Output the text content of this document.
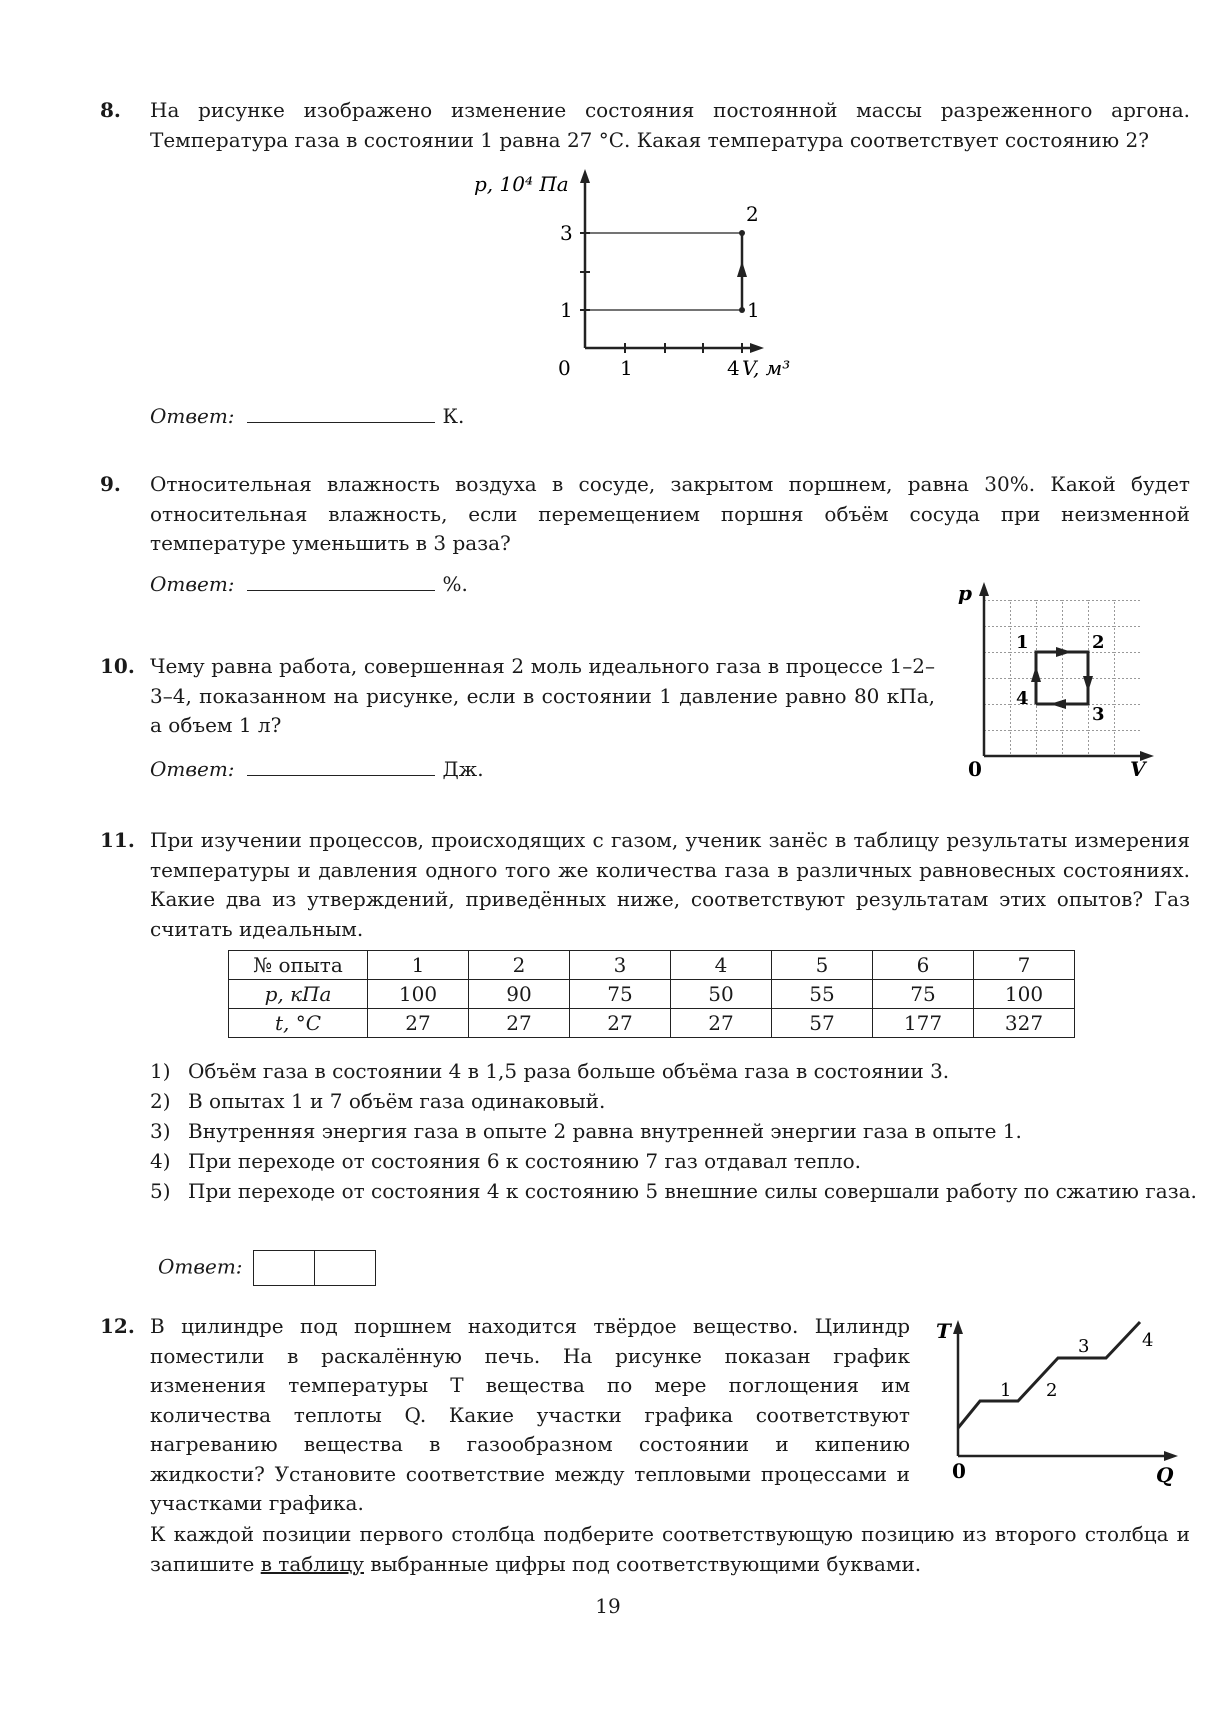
8. На рисунке изображено изменение состояния постоянной массы разреженного аргона. Температура газа в состоянии 1 равна 27 °С. Какая температура соответствует состоянию 2?

p, 10⁴ Па
3
1
0 1	4 V, м³
2
1
Ответ:	К.
9. Относительная влажность воздуха в сосуде, закрытом поршнем, равна 30%. Какой будет относительная влажность, если перемещением поршня объём сосуда при неизменной температуре уменьшить в 3 раза?

Ответ:	%.
10. Чему равна работа, совершенная 2 моль идеального газа в процессе 1–2–3–4, показанном на рисунке, если в состоянии 1 давление равно 80 кПа, а объем 1 л?

Ответ:	Дж.
p
0	V
1	2
3
4
11. При изучении процессов, происходящих с газом, ученик занёс в таблицу результаты измерения температуры и давления одного того же количества газа в различных равновесных состояниях. Какие два из утверждений, приведённых ниже, соответствуют результатам этих опытов? Газ считать идеальным.

№ опыта	1	2	3	4	5	6	7
p, кПа	100	90	75	50	55	75	100
t, °С	27	27	27	27	57	177	327
1) Объём газа в состоянии 4 в 1,5 раза больше объёма газа в состоянии 3.
2) В опытах 1 и 7 объём газа одинаковый.
3) Внутренняя энергия газа в опыте 2 равна внутренней энергии газа в опыте 1.
4) При переходе от состояния 6 к состоянию 7 газ отдавал тепло.
5) При переходе от состояния 4 к состоянию 5 внешние силы совершали работу по сжатию газа.
Ответ:
12. В цилиндре под поршнем находится твёрдое вещество. Цилиндр поместили в раскалённую печь. На рисунке показан график изменения температуры T вещества по мере поглощения им количества теплоты Q. Какие участки графика соответствуют нагреванию вещества в газообразном состоянии и кипению жидкости? Установите соответствие между тепловыми процессами и участками графика.

К каждой позиции первого столбца подберите соответствующую позицию из второго столбца и запишите в таблицу выбранные цифры под соответствующими буквами.

T
0	Q
1 2
3	4
19
